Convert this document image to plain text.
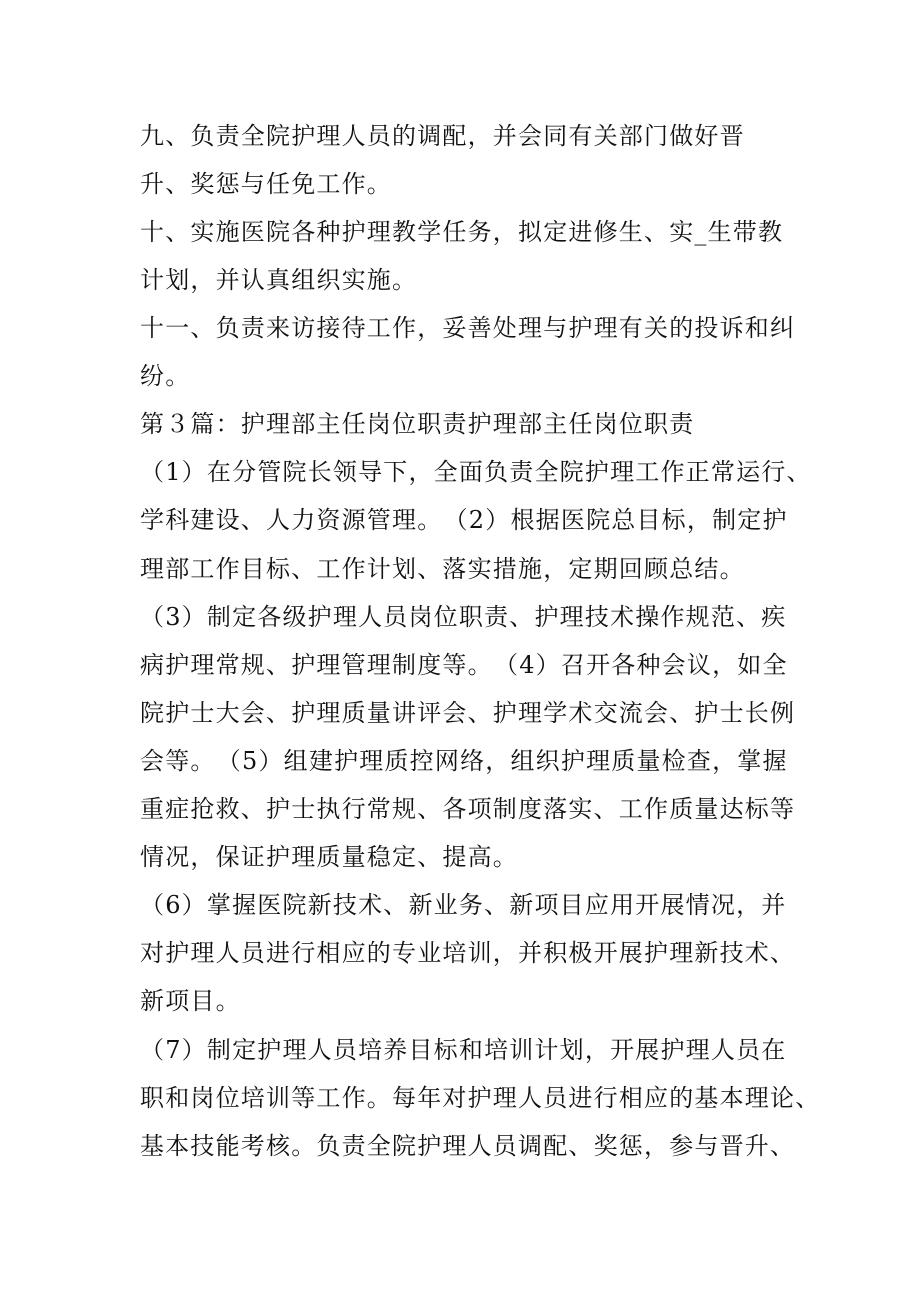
九、负责全院护理人员的调配，并会同有关部门做好晋

升、奖惩与任免工作。

十、实施医院各种护理教学任务，拟定进修生、实_生带教

计划，并认真组织实施。

十一、负责来访接待工作，妥善处理与护理有关的投诉和纠

纷。

第３篇：护理部主任岗位职责护理部主任岗位职责

（1）在分管院长领导下，全面负责全院护理工作正常运行、

学科建设、人力资源管理。　（2）根据医院总目标，制定护

理部工作目标、工作计划、落实措施，定期回顾总结。

（3）制定各级护理人员岗位职责、护理技术操作规范、疾

病护理常规、护理管理制度等。　（4）召开各种会议，如全

院护士大会、护理质量讲评会、护理学术交流会、护士长例

会等。　（5）组建护理质控网络，组织护理质量检查，掌握

重症抢救、护士执行常规、各项制度落实、工作质量达标等

情况，保证护理质量稳定、提高。

（6）掌握医院新技术、新业务、新项目应用开展情况，并

对护理人员进行相应的专业培训，并积极开展护理新技术、

新项目。

（7）制定护理人员培养目标和培训计划，开展护理人员在

职和岗位培训等工作。每年对护理人员进行相应的基本理论、

基本技能考核。负责全院护理人员调配、奖惩，参与晋升、
